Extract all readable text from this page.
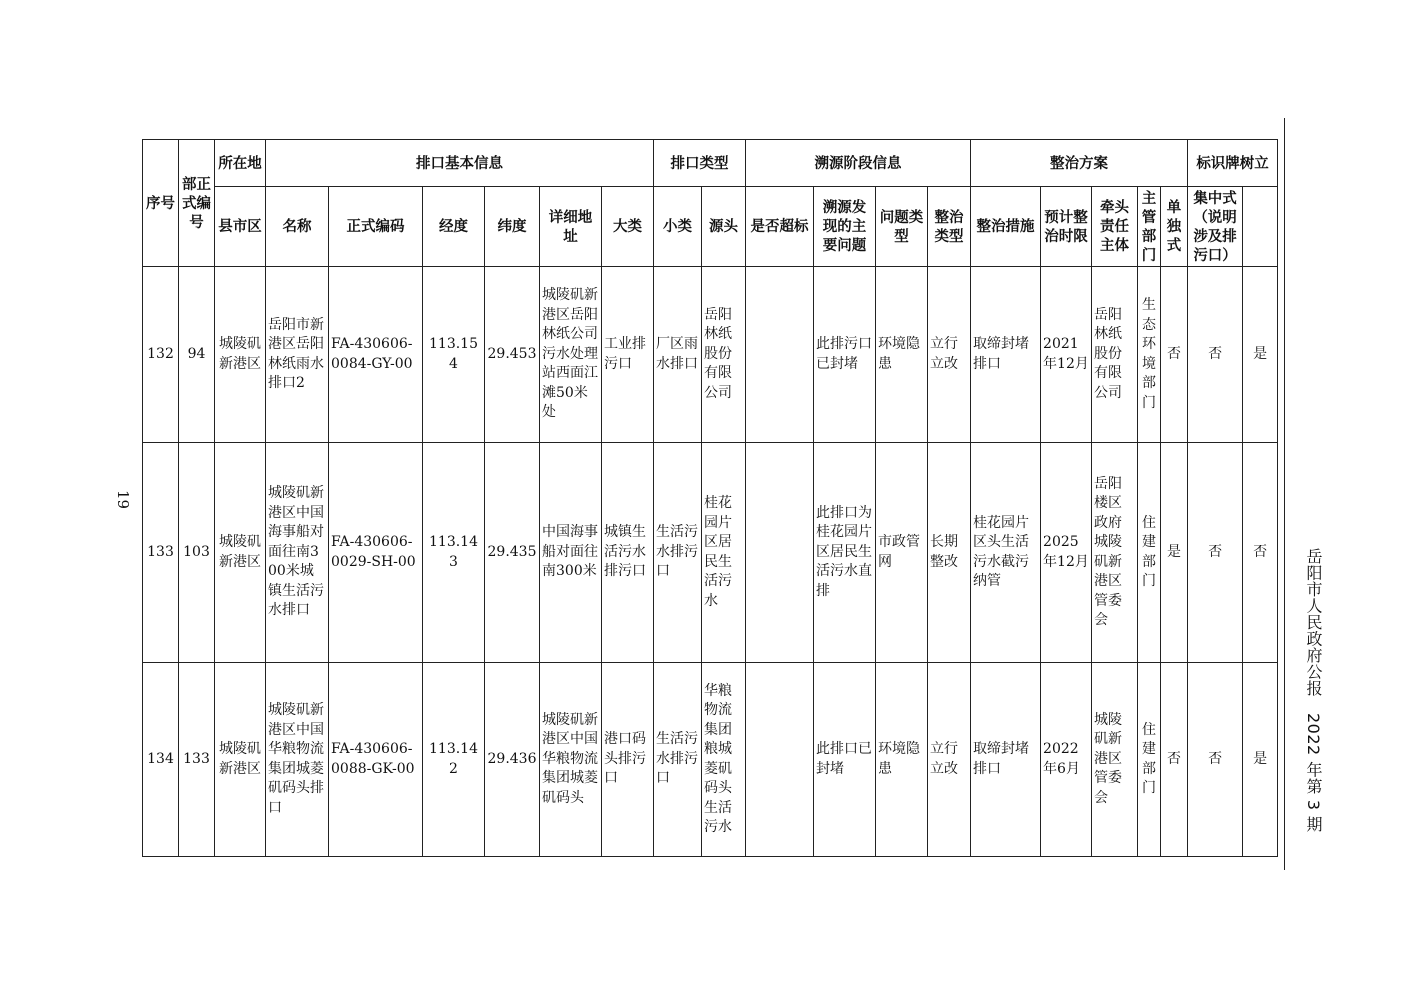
岳阳市人民政府公报　2022 年第 3 期
19
序号	部正式编号	所在地	排口基本信息						排口类型		溯源阶段信息				整治方案					标识牌树立	
		县市区	名称	正式编码	经度	纬度	详细地址	大类	小类	源头	是否超标	溯源发现的主要问题	问题类型	整治类型	整治措施	预计整治时限	牵头责任主体	主管部门	单独式	集中式（说明涉及排污口）		
132	94	城陵矶新港区	岳阳市新港区岳阳林纸雨水排口2	FA-430606-0084-GY-00	113.154	29.453	城陵矶新港区岳阳林纸公司污水处理站西面江滩50米处	工业排污口	厂区雨水排口	岳阳林纸股份有限公司		此排污口已封堵	环境隐患	立行立改	取缔封堵排口	2021年12月	岳阳林纸股份有限公司	生态环境部门	否	否	是	
133	103	城陵矶新港区	城陵矶新港区中国海事船对面往南300米城镇生活污水排口	FA-430606-0029-SH-00	113.143	29.435	中国海事船对面往南300米	城镇生活污水排污口	生活污水排污口	桂花园片区居民生活污水		此排口为桂花园片区居民生活污水直排	市政管网	长期整改	桂花园片区头生活污水截污纳管	2025年12月	岳阳楼区政府城陵矶新港区管委会	住建部门	是	否	否	
134	133	城陵矶新港区	城陵矶新港区中国华粮物流集团城菱矶码头排口	FA-430606-0088-GK-00	113.142	29.436	城陵矶新港区中国华粮物流集团城菱矶码头	港口码头排污口	生活污水排污口	华粮物流集团粮城菱矶码头生活污水		此排口已封堵	环境隐患	立行立改	取缔封堵排口	2022年6月	城陵矶新港区管委会	住建部门	否	否	是	
